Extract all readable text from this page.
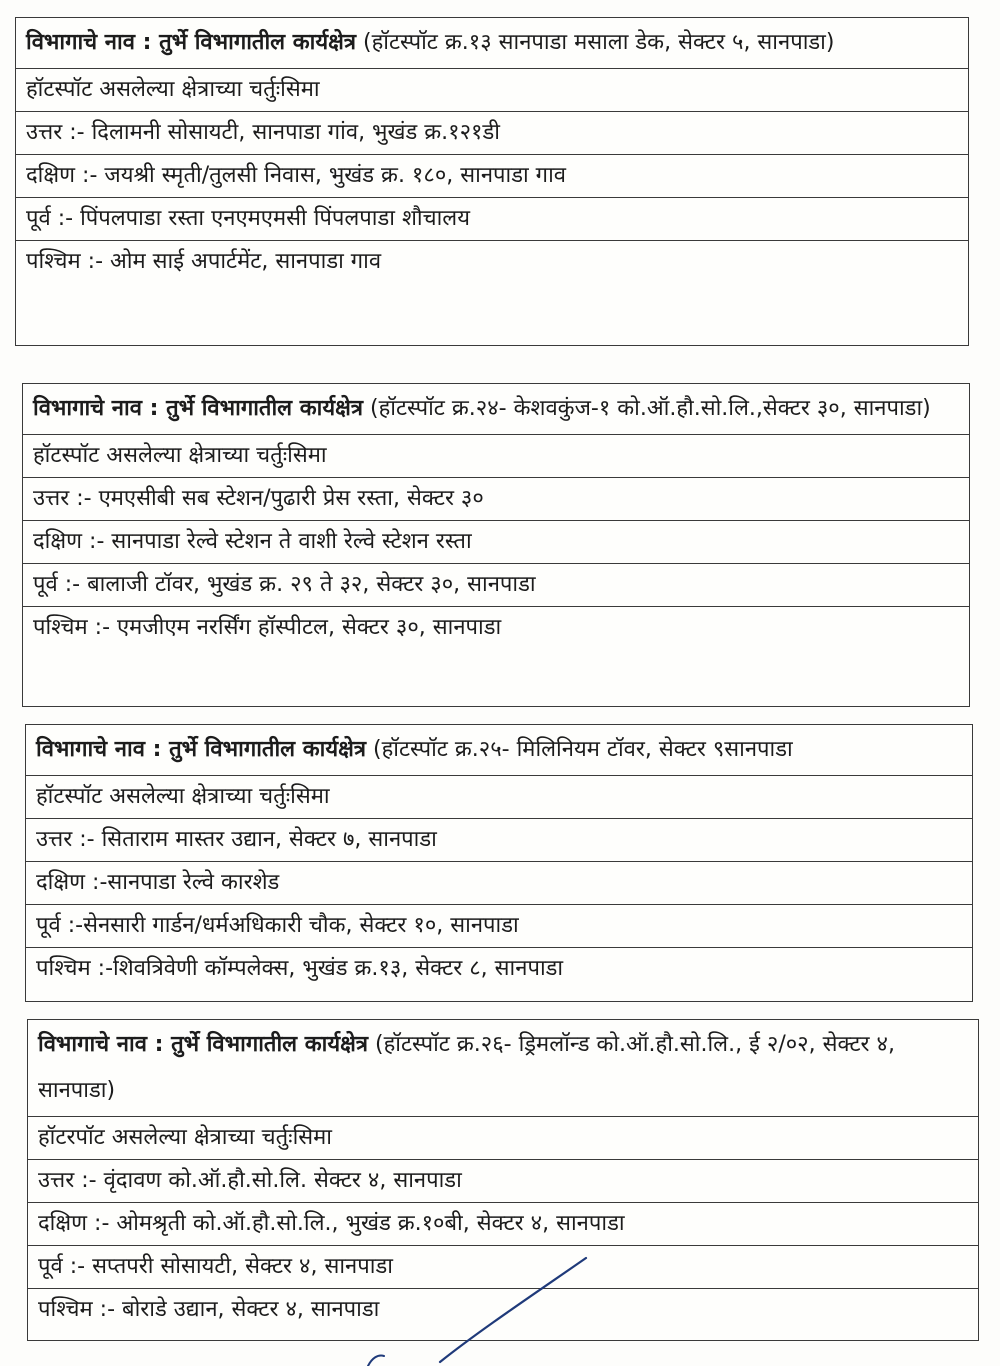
विभागाचे नाव : तुर्भे विभागातील कार्यक्षेत्र (हॉटस्पॉट क्र.१३ सानपाडा मसाला डेक, सेक्टर ५, सानपाडा)
हॉटस्पॉट असलेल्या क्षेत्राच्या चर्तुःसिमा
उत्तर :- दिलामनी सोसायटी, सानपाडा गांव, भुखंड क्र.१२१डी
दक्षिण :- जयश्री स्मृती/तुलसी निवास, भुखंड क्र. १८०, सानपाडा गाव
पूर्व :- पिंपलपाडा रस्ता एनएमएमसी पिंपलपाडा शौचालय
पश्चिम :- ओम साई अपार्टमेंट, सानपाडा गाव
विभागाचे नाव : तुर्भे विभागातील कार्यक्षेत्र (हॉटस्पॉट क्र.२४- केशवकुंज-१ को.ऑ.हौ.सो.लि.,सेक्टर ३०, सानपाडा)
हॉटस्पॉट असलेल्या क्षेत्राच्या चर्तुःसिमा
उत्तर :- एमएसीबी सब स्टेशन/पुढारी प्रेस रस्ता, सेक्टर ३०
दक्षिण :- सानपाडा रेल्वे स्टेशन ते वाशी रेल्वे स्टेशन रस्ता
पूर्व :- बालाजी टॉवर, भुखंड क्र. २९ ते ३२, सेक्टर ३०, सानपाडा
पश्चिम :- एमजीएम नरर्सिंग हॉस्पीटल, सेक्टर ३०, सानपाडा
विभागाचे नाव : तुर्भे विभागातील कार्यक्षेत्र (हॉटस्पॉट क्र.२५- मिलिनियम टॉवर, सेक्टर ९सानपाडा
हॉटस्पॉट असलेल्या क्षेत्राच्या चर्तुःसिमा
उत्तर :- सिताराम मास्तर उद्यान, सेक्टर ७, सानपाडा
दक्षिण :-सानपाडा रेल्वे कारशेड
पूर्व :-सेनसारी गार्डन/धर्मअधिकारी चौक, सेक्टर १०, सानपाडा
पश्चिम :-शिवत्रिवेणी कॉम्पलेक्स, भुखंड क्र.१३, सेक्टर ८, सानपाडा
विभागाचे नाव : तुर्भे विभागातील कार्यक्षेत्र (हॉटस्पॉट क्र.२६- ड्रिमलॉन्ड को.ऑ.हौ.सो.लि., ई २/०२, सेक्टर ४, सानपाडा)
हॉटरपॉट असलेल्या क्षेत्राच्या चर्तुःसिमा
उत्तर :- वृंदावण को.ऑ.हौ.सो.लि. सेक्टर ४, सानपाडा
दक्षिण :- ओमश्रृती को.ऑ.हौ.सो.लि., भुखंड क्र.१०बी, सेक्टर ४, सानपाडा
पूर्व :- सप्तपरी सोसायटी, सेक्टर ४, सानपाडा
पश्चिम :- बोराडे उद्यान, सेक्टर ४, सानपाडा
